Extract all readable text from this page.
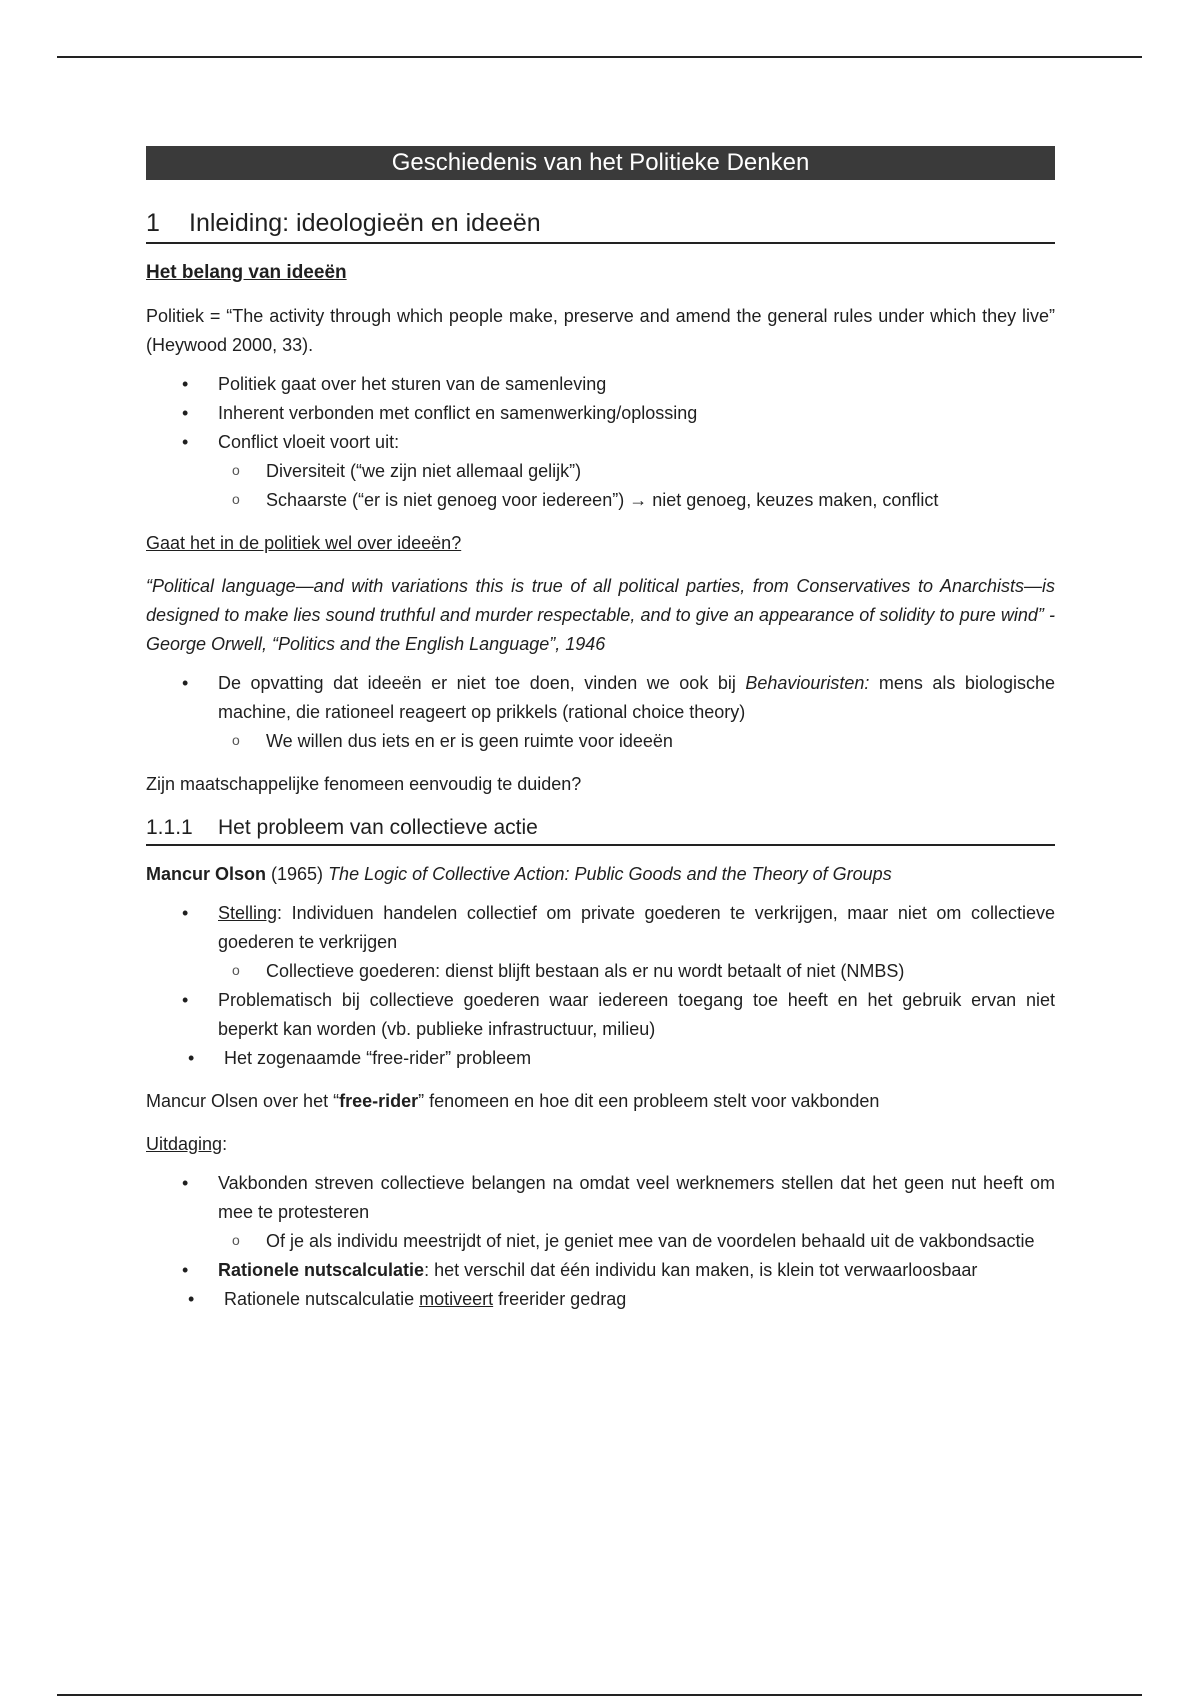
Geschiedenis van het Politieke Denken
1	Inleiding: ideologieën en ideeën
Het belang van ideeën

Politiek = “The activity through which people make, preserve and amend the general rules under which they live” (Heywood 2000, 33).

• Politiek gaat over het sturen van de samenleving
• Inherent verbonden met conflict en samenwerking/oplossing
• Conflict vloeit voort uit:
o Diversiteit (“we zijn niet allemaal gelijk”)
o Schaarste (“er is niet genoeg voor iedereen”) → niet genoeg, keuzes maken, conflict

Gaat het in de politiek wel over ideeën?

“Political language—and with variations this is true of all political parties, from Conservatives to Anarchists—is designed to make lies sound truthful and murder respectable, and to give an appearance of solidity to pure wind” - George Orwell, “Politics and the English Language”, 1946

• De opvatting dat ideeën er niet toe doen, vinden we ook bij Behaviouristen: mens als biologische machine, die rationeel reageert op prikkels (rational choice theory)
o We willen dus iets en er is geen ruimte voor ideeën

Zijn maatschappelijke fenomeen eenvoudig te duiden?

1.1.1	Het probleem van collectieve actie

Mancur Olson (1965) The Logic of Collective Action: Public Goods and the Theory of Groups

• Stelling: Individuen handelen collectief om private goederen te verkrijgen, maar niet om collectieve goederen te verkrijgen
o Collectieve goederen: dienst blijft bestaan als er nu wordt betaalt of niet (NMBS)
• Problematisch bij collectieve goederen waar iedereen toegang toe heeft en het gebruik ervan niet beperkt kan worden (vb. publieke infrastructuur, milieu)
• Het zogenaamde “free-rider” probleem

Mancur Olsen over het “free-rider” fenomeen en hoe dit een probleem stelt voor vakbonden

Uitdaging:

• Vakbonden streven collectieve belangen na omdat veel werknemers stellen dat het geen nut heeft om mee te protesteren
o Of je als individu meestrijdt of niet, je geniet mee van de voordelen behaald uit de vakbondsactie
• Rationele nutscalculatie: het verschil dat één individu kan maken, is klein tot verwaarloosbaar
• Rationele nutscalculatie motiveert freerider gedrag
